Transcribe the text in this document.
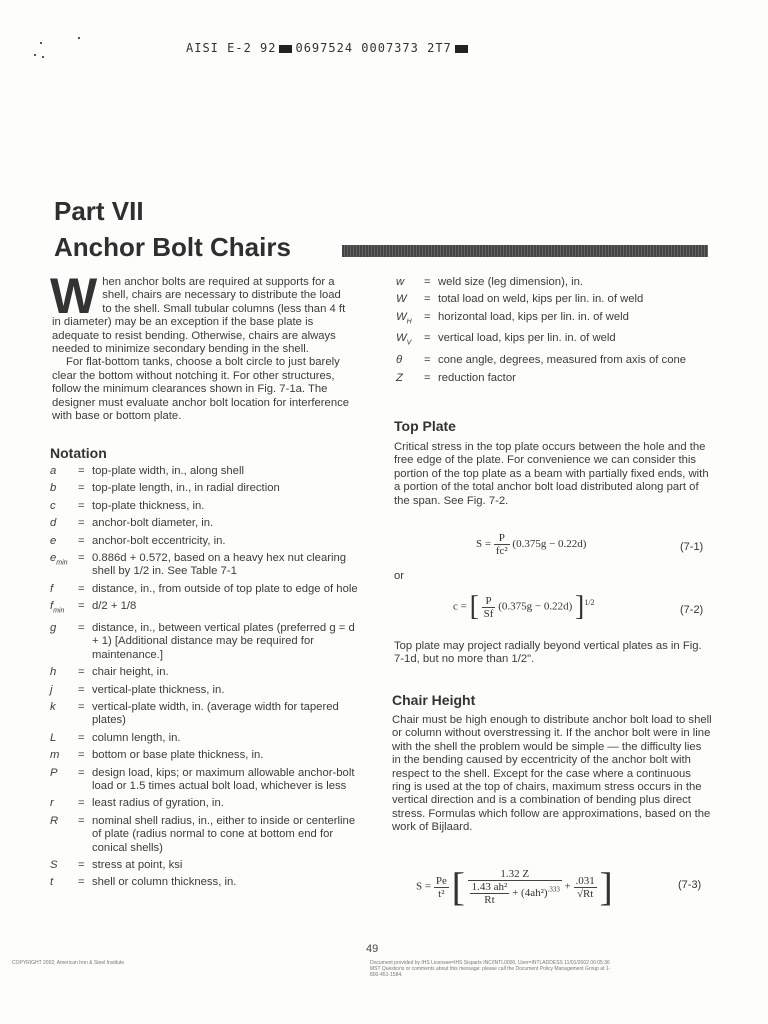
AISI E-2 92 0697524 0007373 2T7
Part VII
Anchor Bolt Chairs
W hen anchor bolts are required at supports for a shell, chairs are necessary to distribute the load to the shell. Small tubular columns (less than 4 ft in diameter) may be an exception if the base plate is adequate to resist bending. Otherwise, chairs are always needed to minimize secondary bending in the shell.

For flat-bottom tanks, choose a bolt circle to just barely clear the bottom without notching it. For other structures, follow the minimum clearances shown in Fig. 7-1a. The designer must evaluate anchor bolt location for interference with base or bottom plate.

Notation
a	= top-plate width, in., along shell
b	= top-plate length, in., in radial direction
c	= top-plate thickness, in.
d	= anchor-bolt diameter, in.
e	= anchor-bolt eccentricity, in.
$e_{min} = 0.886d + 0.572$, based on a heavy hex nut clearing shell by 1/2 in. See Table 7-1
f	= distance, in., from outside of top plate to edge of hole
$f_{min}$	= d/2 + 1/8
g	= distance, in., between vertical plates (preferred g = d + 1) [Additional distance may be required for maintenance.]
h	= chair height, in.
j	= vertical-plate thickness, in.
k	= vertical-plate width, in. (average width for tapered plates)
L	= column length, in.
m	= bottom or base plate thickness, in.
P	= design load, kips; or maximum allowable anchor-bolt load or 1.5 times actual bolt load, whichever is less
r	= least radius of gyration, in.
R	= nominal shell radius, in., either to inside or centerline of plate (radius normal to cone at bottom end for conical shells)
S	= stress at point, ksi
t	= shell or column thickness, in.
w	= weld size (leg dimension), in.
W	= total load on weld, kips per lin. in. of weld
$W_H$	= horizontal load, kips per lin. in. of weld
$W_V$	= vertical load, kips per lin. in. of weld
θ	= cone angle, degrees, measured from axis of cone
Z	= reduction factor
Top Plate
Critical stress in the top plate occurs between the hole and the free edge of the plate. For convenience we can consider this portion of the top plate as a beam with partially fixed ends, with a portion of the total anchor bolt load distributed along part of the span. See Fig. 7-2.
$S = \frac{P}{\text{fc²}} (0.375g - 0.22d)$	(7-1)
or
c = [ $\frac{P}{Sf} (0.375g - 0.22d)$ ]$^{1/2}$
(7-2)
Top plate may project radially beyond vertical plates as in Fig. 7-1d, but no more than 1/2".
Chair Height
Chair must be high enough to distribute anchor bolt load to shell or column without overstressing it. If the anchor bolt were in line with the shell the problem would be simple — the difficulty lies in the bending caused by eccentricity of the anchor bolt with respect to the shell. Except for the case where a continuous ring is used at the top of chairs, maximum stress occurs in the vertical direction and is a combination of bending plus direct stress. Formulas which follow are approximations, based on the work of Bijlaard.
$S = \frac{Pe}{\text{t²}}$ [ $\frac{1.32 Z}{\frac{\text{1.43 ah²}}{Rt} + (4ah^2)^{.333}} + \frac{.031}{√Rt}$ ]	(7-3)
49
COPYRIGHT 2002; American Iron & Steel Institute	Document provided by IHS Licensee=IHS Sisparts INC/INTL0000, User=INTLADDESS 11/01/2002 06:05:36 MST Questions or comments about this message: please call the Document Policy Management Group at 1-800-451-1584.
